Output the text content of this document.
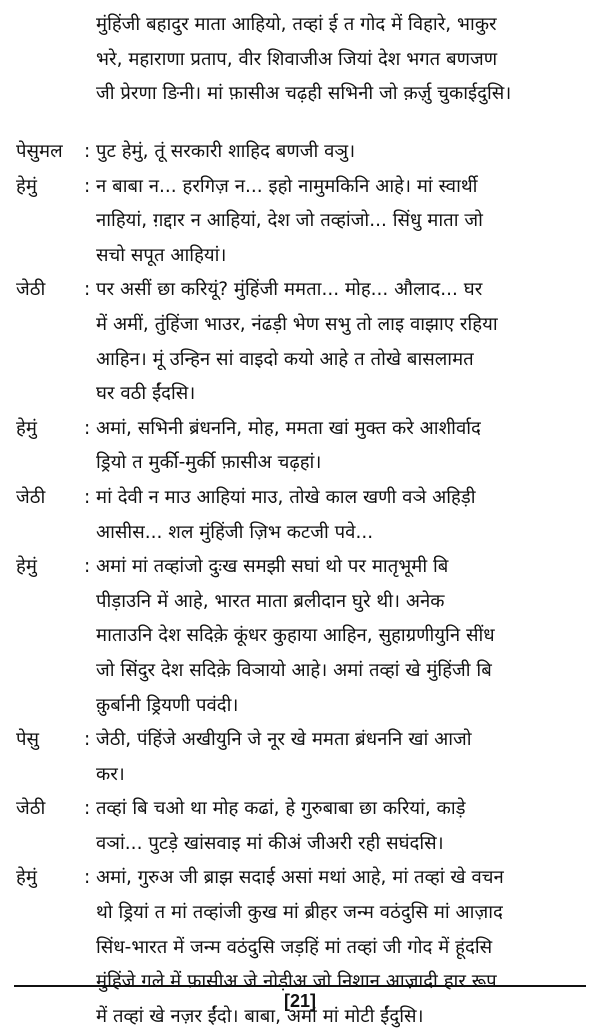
मुंहिंजी बहादुर माता आहियो, तव्हां ई त गोद में विहारे, भाकुर
भरे, महाराणा प्रताप, वीर शिवाजीअ जियां देश भगत बणजण
जी प्रेरणा ङिनी। मां फ़ासीअ चढ़ही सभिनी जो क़र्ज़ु चुकाईदुसि।
पेसुमल	: पुट हेमुं, तूं सरकारी शाहिद बणजी वञु।
हेमुं	: न बाबा न... हरगिज़ न... इहो नामुमकिनि आहे। मां स्वार्थी
नाहियां, ग़द्दार न आहियां, देश जो तव्हांजो... सिंधु माता जो
सचो सपूत आहियां।
जेठी	: पर असीं छा करियूं? मुंहिंजी ममता... मोह... औलाद... घर
में अमीं, तुंहिंजा भाउर, नंढड़ी भेण सभु तो लाइ वाझाए रहिया
आहिन। मूं उन्हिन सां वाइदो कयो आहे त तोखे बासलामत
घर वठी ईंदसि।
हेमुं	: अमां, सभिनी ब्रंधननि, मोह, ममता खां मुक्त करे आशीर्वाद
ड्रियो त मुर्की-मुर्की फ़ासीअ चढ़हां।
जेठी	: मां देवी न माउ आहियां माउ, तोखे काल खणी वञे अहिड़ी
आसीस... शल मुंहिंजी ज़िभ कटजी पवे...
हेमुं	: अमां मां तव्हांजो दुःख समझी सघां थो पर मातृभूमी बि
पीड़ाउनि में आहे, भारत माता ब्रलीदान घुरे थी। अनेक
माताउनि देश सदिक़े कूंधर कुहाया आहिन, सुहाग्रणीयुनि सींध
जो सिंदुर देश सदिक़े विञायो आहे। अमां तव्हां खे मुंहिंजी बि
क़ुर्बानी ड्रियणी पवंदी।
पेसु	: जेठी, पंहिंजे अखीयुनि जे नूर खे ममता ब्रंधननि खां आजो
कर।
जेठी	: तव्हां बि चओ था मोह कढां, हे गुरुबाबा छा करियां, काड़े
वञां... पुटड़े खांसवाइ मां कीअं जीअरी रही सघंदसि।
हेमुं	: अमां, गुरुअ जी ब्राझ सदाई असां मथां आहे, मां तव्हां खे वचन
थो ड्रियां त मां तव्हांजी कुख मां ब्रीहर जन्म वठंदुसि मां आज़ाद
सिंध-भारत में जन्म वठंदुसि जड़हिं मां तव्हां जी गोद में हूंदसि
मुंहिंजे गले में फ़ासीअ जे नोड़ीअ जो निशान आज़ादी हार रूप
में तव्हां खे नज़र ईंदो। बाबा, अमां मां मोटी ईंदुसि।
[21]
